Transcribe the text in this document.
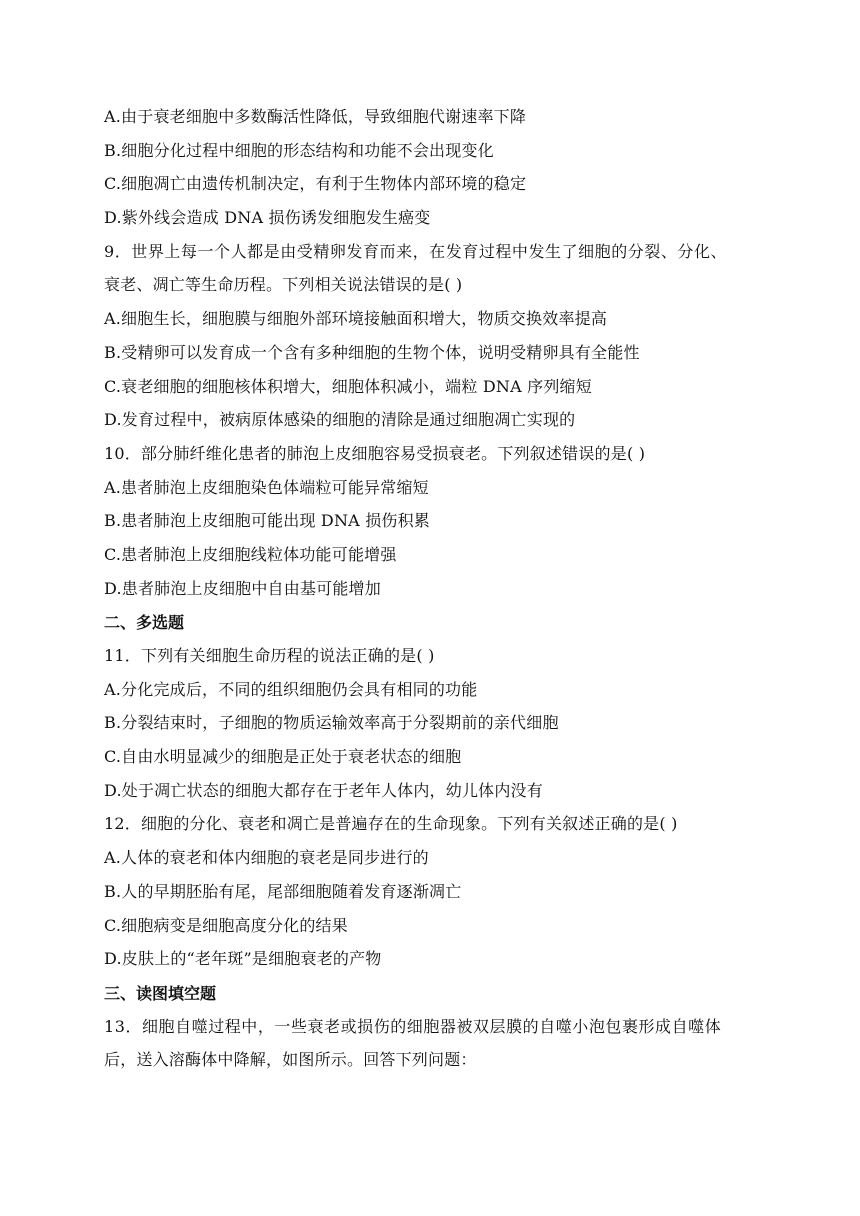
A.由于衰老细胞中多数酶活性降低，导致细胞代谢速率下降
B.细胞分化过程中细胞的形态结构和功能不会出现变化
C.细胞凋亡由遗传机制决定，有利于生物体内部环境的稳定
D.紫外线会造成 DNA 损伤诱发细胞发生癌变
9．世界上每一个人都是由受精卵发育而来，在发育过程中发生了细胞的分裂、分化、
衰老、凋亡等生命历程。下列相关说法错误的是( )
A.细胞生长，细胞膜与细胞外部环境接触面积增大，物质交换效率提高
B.受精卵可以发育成一个含有多种细胞的生物个体，说明受精卵具有全能性
C.衰老细胞的细胞核体积增大，细胞体积减小，端粒 DNA 序列缩短
D.发育过程中，被病原体感染的细胞的清除是通过细胞凋亡实现的
10．部分肺纤维化患者的肺泡上皮细胞容易受损衰老。下列叙述错误的是( )
A.患者肺泡上皮细胞染色体端粒可能异常缩短
B.患者肺泡上皮细胞可能出现 DNA 损伤积累
C.患者肺泡上皮细胞线粒体功能可能增强
D.患者肺泡上皮细胞中自由基可能增加
二、多选题
11．下列有关细胞生命历程的说法正确的是( )
A.分化完成后，不同的组织细胞仍会具有相同的功能
B.分裂结束时，子细胞的物质运输效率高于分裂期前的亲代细胞
C.自由水明显减少的细胞是正处于衰老状态的细胞
D.处于凋亡状态的细胞大都存在于老年人体内，幼儿体内没有
12．细胞的分化、衰老和凋亡是普遍存在的生命现象。下列有关叙述正确的是( )
A.人体的衰老和体内细胞的衰老是同步进行的
B.人的早期胚胎有尾，尾部细胞随着发育逐渐凋亡
C.细胞病变是细胞高度分化的结果
D.皮肤上的“老年斑”是细胞衰老的产物
三、读图填空题
13．细胞自噬过程中，一些衰老或损伤的细胞器被双层膜的自噬小泡包裹形成自噬体
后，送入溶酶体中降解，如图所示。回答下列问题：
